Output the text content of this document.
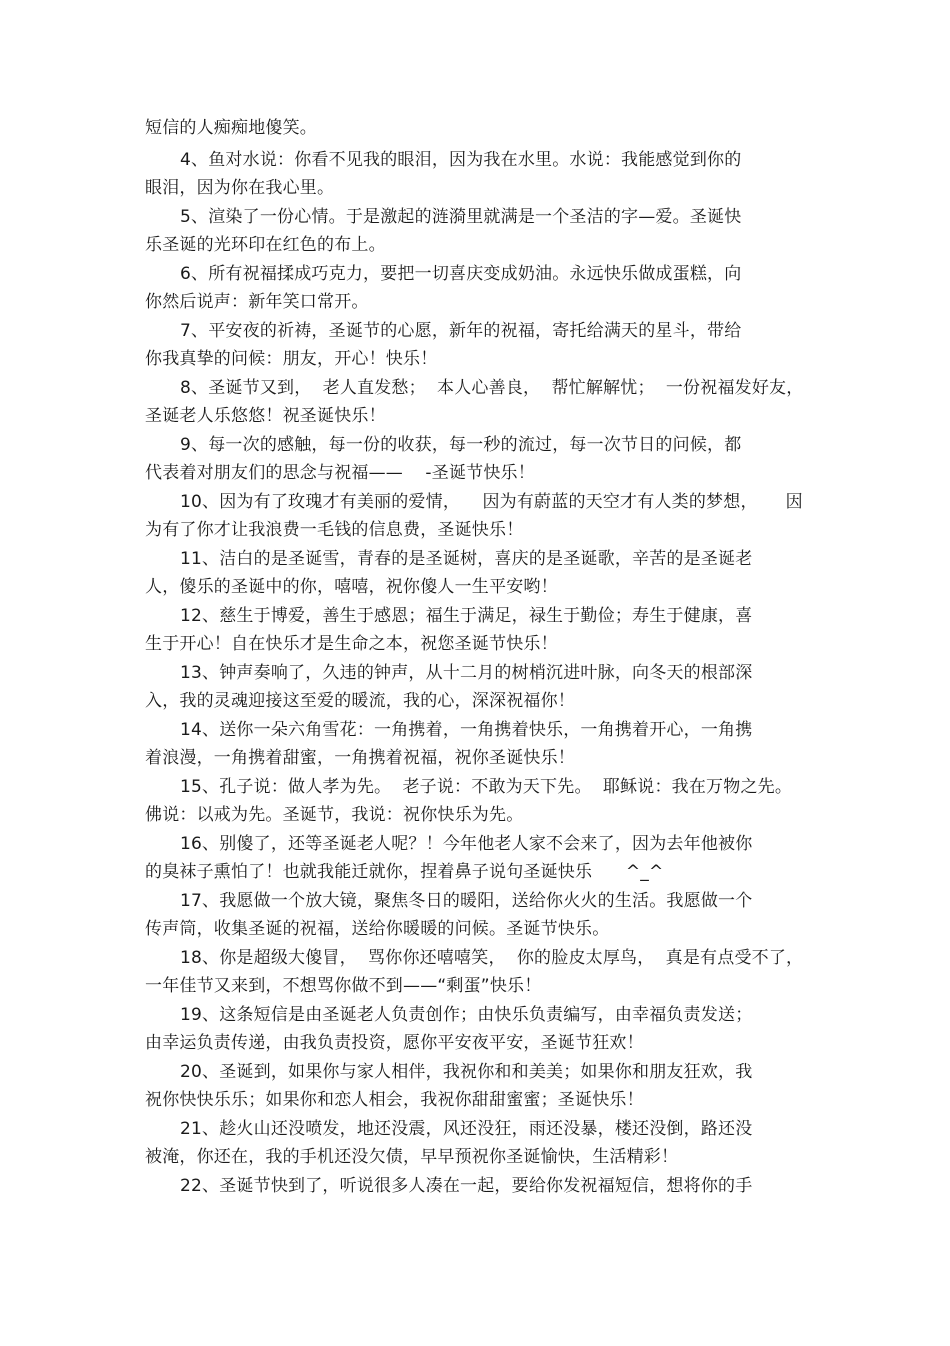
短信的人痴痴地傻笑。
4、鱼对水说：你看不见我的眼泪，因为我在水里。水说：我能感觉到你的
眼泪，因为你在我心里。
5、渲染了一份心情。于是激起的涟漪里就满是一个圣洁的字—爱。圣诞快
乐圣诞的光环印在红色的布上。
6、所有祝福揉成巧克力，要把一切喜庆变成奶油。永远快乐做成蛋糕，向
你然后说声：新年笑口常开。
7、平安夜的祈祷，圣诞节的心愿，新年的祝福，寄托给满天的星斗，带给
你我真挚的问候：朋友，开心！快乐！
8、圣诞节又到，  老人直发愁；  本人心善良，  帮忙解解忧；  一份祝福发好友，
圣诞老人乐悠悠！祝圣诞快乐！
9、每一次的感触，每一份的收获，每一秒的流过，每一次节日的问候，都
代表着对朋友们的思念与祝福——    -圣诞节快乐！
10、因为有了玫瑰才有美丽的爱情，    因为有蔚蓝的天空才有人类的梦想，     因
为有了你才让我浪费一毛钱的信息费，圣诞快乐！
11、洁白的是圣诞雪，青春的是圣诞树，喜庆的是圣诞歌，辛苦的是圣诞老
人，傻乐的圣诞中的你，嘻嘻，祝你傻人一生平安哟！
12、慈生于博爱，善生于感恩；福生于满足，禄生于勤俭；寿生于健康，喜
生于开心！自在快乐才是生命之本，祝您圣诞节快乐！
13、钟声奏响了，久违的钟声，从十二月的树梢沉进叶脉，向冬天的根部深
入，我的灵魂迎接这至爱的暖流，我的心，深深祝福你！
14、送你一朵六角雪花：一角携着，一角携着快乐，一角携着开心，一角携
着浪漫，一角携着甜蜜，一角携着祝福，祝你圣诞快乐！
15、孔子说：做人孝为先。  老子说：不敢为天下先。  耶稣说：我在万物之先。
佛说：以戒为先。圣诞节，我说：祝你快乐为先。
16、别傻了，还等圣诞老人呢？！今年他老人家不会来了，因为去年他被你
的臭袜子熏怕了！也就我能迁就你，捏着鼻子说句圣诞快乐      ^_^
17、我愿做一个放大镜，聚焦冬日的暖阳，送给你火火的生活。我愿做一个
传声筒，收集圣诞的祝福，送给你暖暖的问候。圣诞节快乐。
18、你是超级大傻冒，  骂你你还嘻嘻笑，  你的脸皮太厚鸟，  真是有点受不了，
一年佳节又来到，不想骂你做不到——“剩蛋”快乐！
19、这条短信是由圣诞老人负责创作；由快乐负责编写，由幸福负责发送；
由幸运负责传递，由我负责投资，愿你平安夜平安，圣诞节狂欢！
20、圣诞到，如果你与家人相伴，我祝你和和美美；如果你和朋友狂欢，我
祝你快快乐乐；如果你和恋人相会，我祝你甜甜蜜蜜；圣诞快乐！
21、趁火山还没喷发，地还没震，风还没狂，雨还没暴，楼还没倒，路还没
被淹，你还在，我的手机还没欠债，早早预祝你圣诞愉快，生活精彩！
22、圣诞节快到了，听说很多人凑在一起，要给你发祝福短信，想将你的手
